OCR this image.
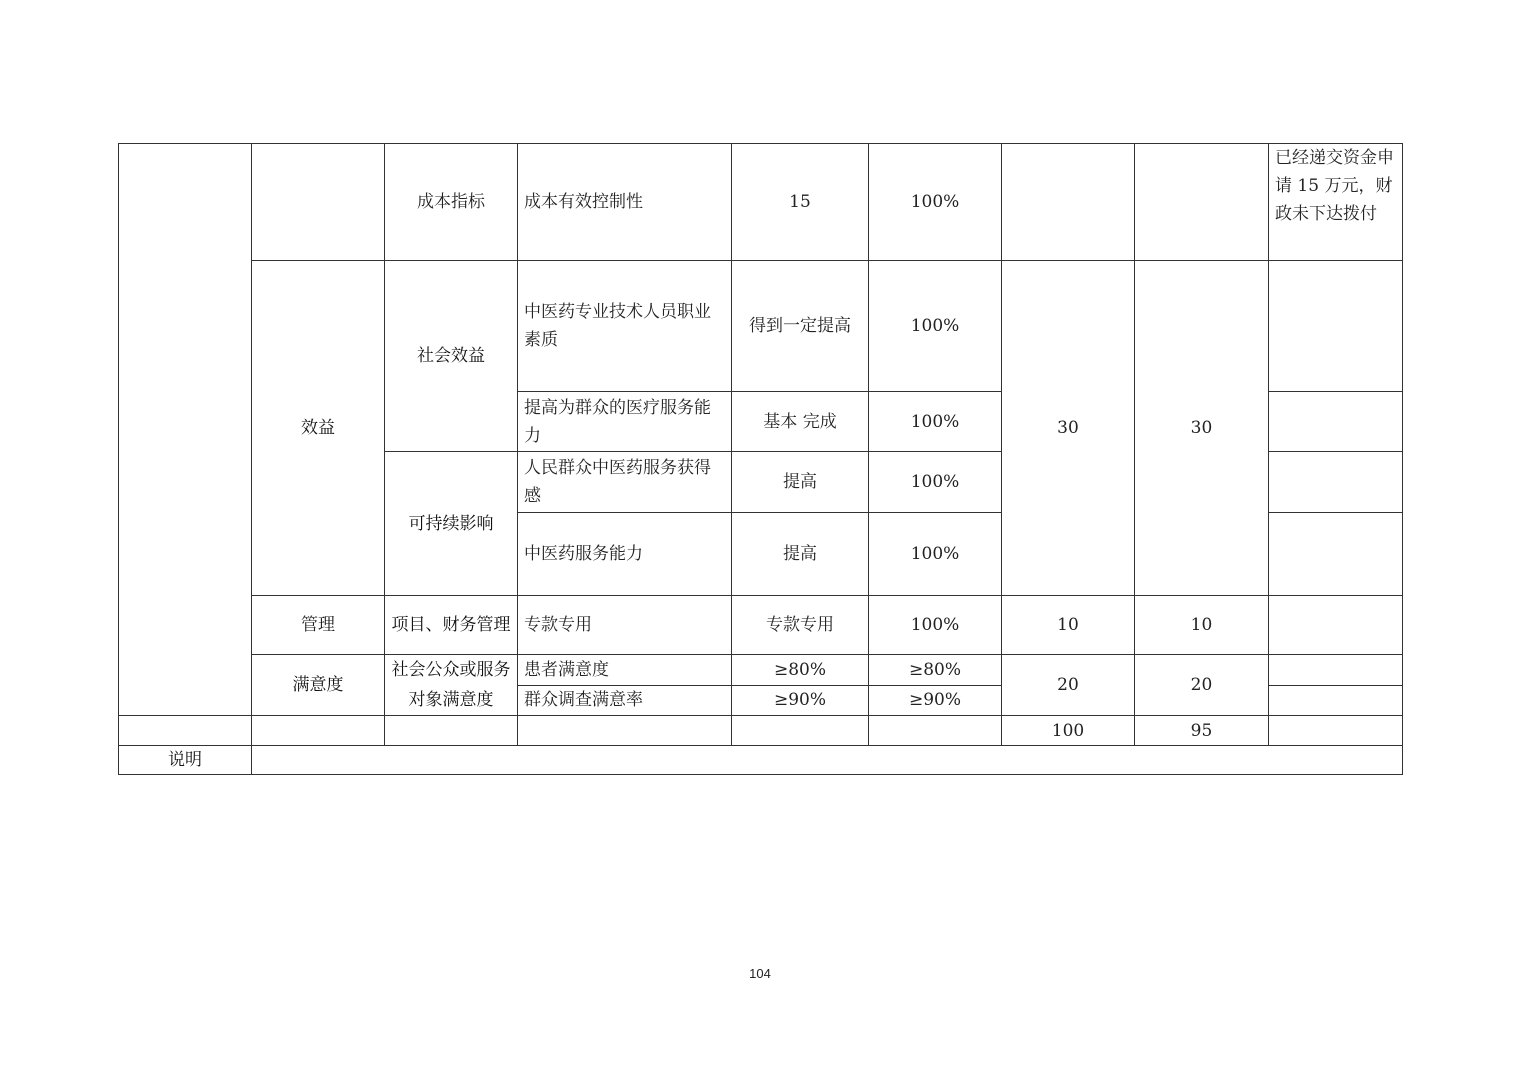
		成本指标	成本有效控制性	15	100%			已经递交资金申请 15 万元，财政未下达拨付
	效益	社会效益	中医药专业技术人员职业素质	得到一定提高	100%	30	30	
			提高为群众的医疗服务能力	基本 完成	100%			
		可持续影响	人民群众中医药服务获得感	提高	100%			
			中医药服务能力	提高	100%			
	管理	项目、财务管理	专款专用	专款专用	100%	10	10	
	满意度	社会公众或服务对象满意度	患者满意度	≥80%	≥80%	20	20	
			群众调查满意率	≥90%	≥90%			
						100	95	
说明								
104
